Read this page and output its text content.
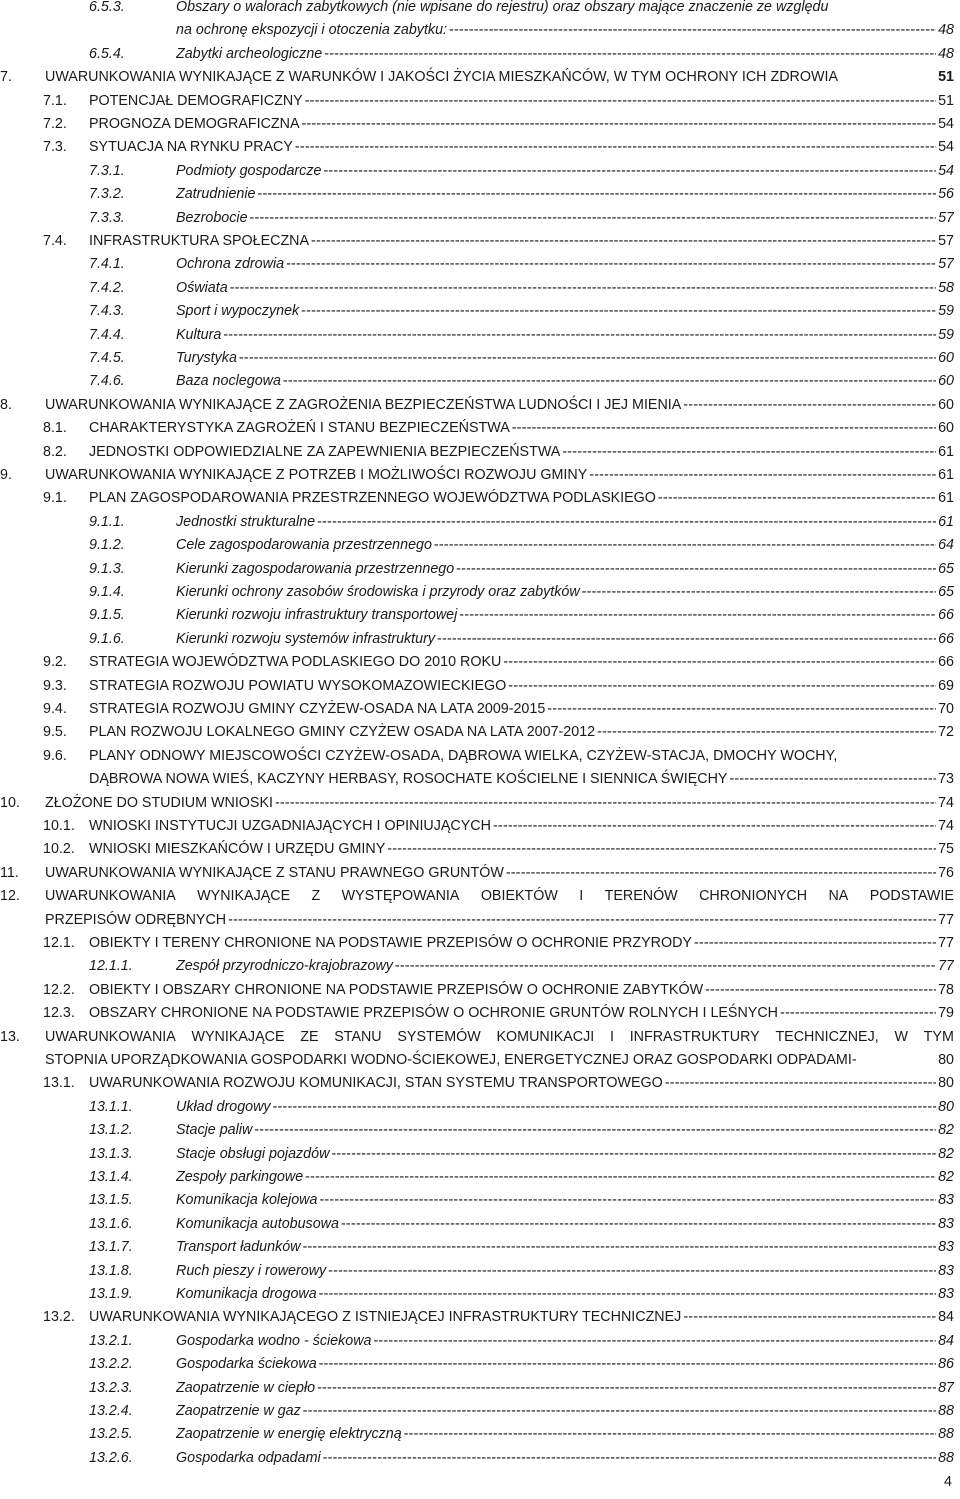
6.5.3.	Obszary o walorach zabytkowych (nie wpisane do rejestru) oraz obszary mające znaczenie ze względu
na ochronę ekspozycji i otoczenia zabytku: -----	48
6.5.4.	Zabytki archeologiczne -----	48
7. UWARUNKOWANIA WYNIKAJĄCE Z WARUNKÓW I JAKOŚCI ŻYCIA MIESZKAŃCÓW, W TYM OCHRONY ICH ZDROWIA	51
7.1. POTENCJAŁ DEMOGRAFICZNY -----	51
7.2. PROGNOZA DEMOGRAFICZNA -----	54
7.3. SYTUACJA NA RYNKU PRACY -----	54
7.3.1.	Podmioty gospodarcze -----	54
7.3.2.	Zatrudnienie -----	56
7.3.3.	Bezrobocie -----	57
7.4. INFRASTRUKTURA SPOŁECZNA -----	57
7.4.1.	Ochrona zdrowia -----	57
7.4.2.	Oświata -----	58
7.4.3.	Sport i wypoczynek -----	59
7.4.4.	Kultura -----	59
7.4.5.	Turystyka -----	60
7.4.6.	Baza noclegowa -----	60
8. UWARUNKOWANIA WYNIKAJĄCE Z ZAGROŻENIA BEZPIECZEŃSTWA LUDNOŚCI I JEJ MIENIA -----	60
8.1. CHARAKTERYSTYKA ZAGROŻEŃ I STANU BEZPIECZEŃSTWA -----	60
8.2. JEDNOSTKI ODPOWIEDZIALNE ZA ZAPEWNIENIA BEZPIECZEŃSTWA -----	61
9. UWARUNKOWANIA WYNIKAJĄCE Z POTRZEB I MOŻLIWOŚCI ROZWOJU GMINY -----	61
9.1. PLAN ZAGOSPODAROWANIA PRZESTRZENNEGO WOJEWÓDZTWA PODLASKIEGO -----	61
9.1.1.	Jednostki strukturalne -----	61
9.1.2.	Cele zagospodarowania przestrzennego -----	64
9.1.3.	Kierunki zagospodarowania przestrzennego -----	65
9.1.4.	Kierunki ochrony zasobów środowiska i przyrody oraz zabytków -----	65
9.1.5.	Kierunki rozwoju infrastruktury transportowej -----	66
9.1.6.	Kierunki rozwoju systemów infrastruktury -----	66
9.2. STRATEGIA WOJEWÓDZTWA PODLASKIEGO DO 2010 ROKU -----	66
9.3. STRATEGIA ROZWOJU POWIATU WYSOKOMAZOWIECKIEGO -----	69
9.4. STRATEGIA ROZWOJU GMINY CZYŻEW-OSADA NA LATA 2009-2015 -----	70
9.5. PLAN ROZWOJU LOKALNEGO GMINY CZYŻEW OSADA NA LATA 2007-2012 -----	72
9.6. PLANY ODNOWY MIEJSCOWOŚCI CZYŻEW-OSADA, DĄBROWA WIELKA, CZYŻEW-STACJA, DMOCHY WOCHY,
DĄBROWA NOWA WIEŚ, KACZYNY HERBASY, ROSOCHATE KOŚCIELNE I SIENNICA ŚWIĘCHY -----	73
10. ZŁOŻONE DO STUDIUM WNIOSKI -----	74
10.1. WNIOSKI INSTYTUCJI UZGADNIAJĄCYCH I OPINIUJĄCYCH -----	74
10.2. WNIOSKI MIESZKAŃCÓW I URZĘDU GMINY -----	75
11. UWARUNKOWANIA WYNIKAJĄCE Z STANU PRAWNEGO GRUNTÓW -----	76
12. UWARUNKOWANIA WYNIKAJĄCE Z WYSTĘPOWANIA OBIEKTÓW I TERENÓW CHRONIONYCH NA PODSTAWIE
PRZEPISÓW ODRĘBNYCH -----	77
12.1. OBIEKTY I TERENY CHRONIONE NA PODSTAWIE PRZEPISÓW O OCHRONIE PRZYRODY -----	77
12.1.1.	Zespół przyrodniczo-krajobrazowy -----	77
12.2. OBIEKTY I OBSZARY CHRONIONE NA PODSTAWIE PRZEPISÓW O OCHRONIE ZABYTKÓW -----	78
12.3. OBSZARY CHRONIONE NA PODSTAWIE PRZEPISÓW O OCHRONIE GRUNTÓW ROLNYCH I LEŚNYCH -----	79
13. UWARUNKOWANIA WYNIKAJĄCE ZE STANU SYSTEMÓW KOMUNIKACJI I INFRASTRUKTURY TECHNICZNEJ, W TYM
STOPNIA UPORZĄDKOWANIA GOSPODARKI WODNO-ŚCIEKOWEJ, ENERGETYCZNEJ ORAZ GOSPODARKI ODPADAMI-	80
13.1. UWARUNKOWANIA ROZWOJU KOMUNIKACJI, STAN SYSTEMU TRANSPORTOWEGO -----	80
13.1.1.	Układ drogowy -----	80
13.1.2.	Stacje paliw -----	82
13.1.3.	Stacje obsługi pojazdów -----	82
13.1.4.	Zespoły parkingowe -----	82
13.1.5.	Komunikacja kolejowa -----	83
13.1.6.	Komunikacja autobusowa -----	83
13.1.7.	Transport ładunków -----	83
13.1.8.	Ruch pieszy i rowerowy -----	83
13.1.9.	Komunikacja drogowa -----	83
13.2. UWARUNKOWANIA WYNIKAJĄCEGO Z ISTNIEJĄCEJ INFRASTRUKTURY TECHNICZNEJ -----	84
13.2.1.	Gospodarka wodno - ściekowa -----	84
13.2.2.	Gospodarka ściekowa -----	86
13.2.3.	Zaopatrzenie w ciepło -----	87
13.2.4.	Zaopatrzenie w gaz -----	88
13.2.5.	Zaopatrzenie w energię elektryczną -----	88
13.2.6.	Gospodarka odpadami -----	88
4
